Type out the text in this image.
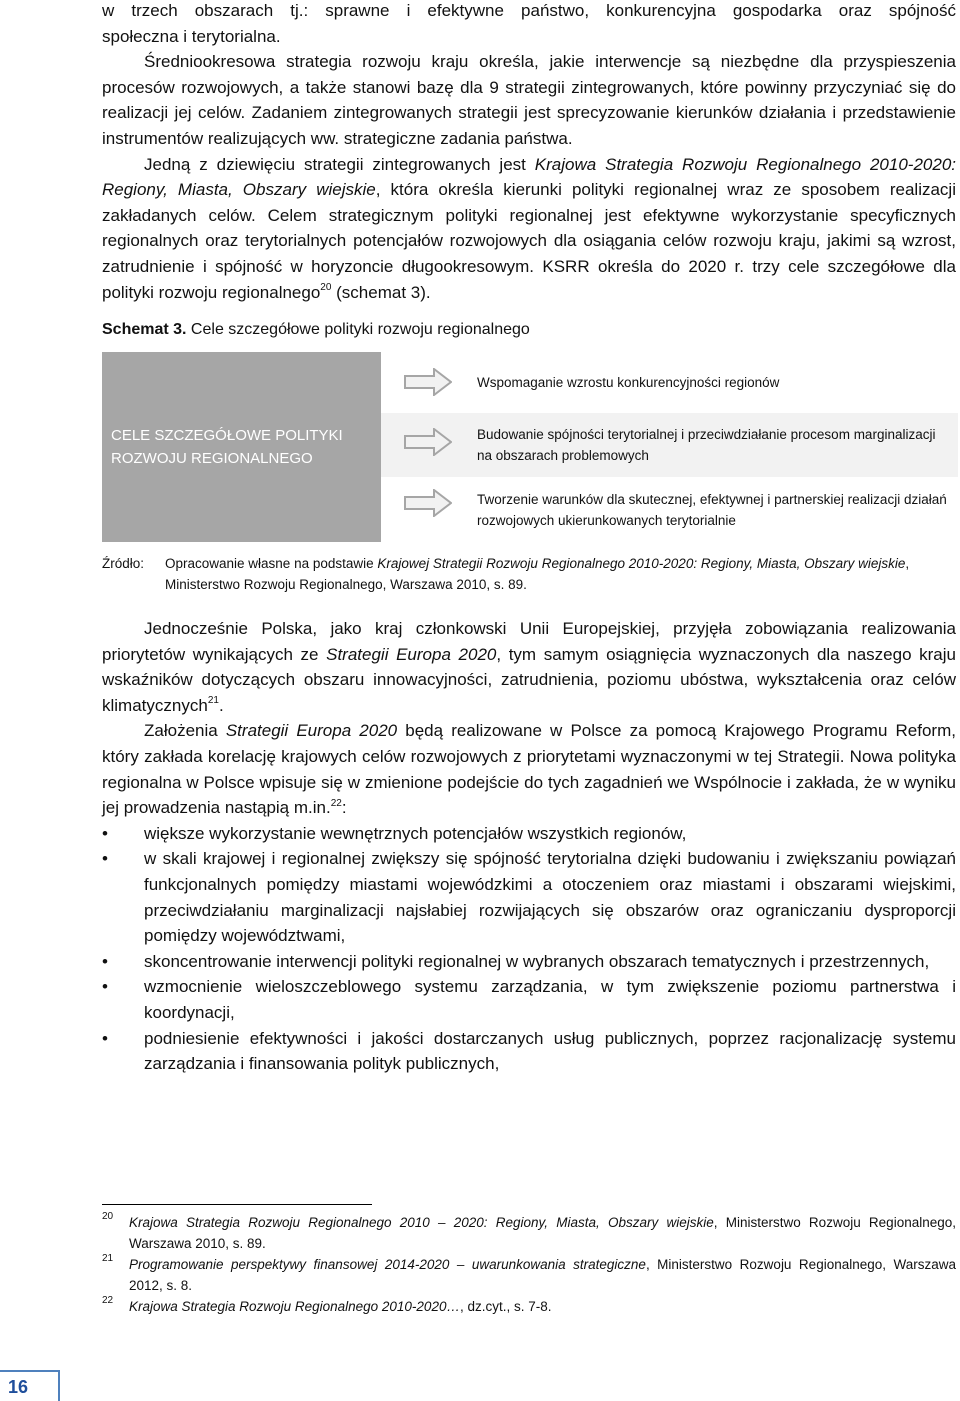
w trzech obszarach tj.: sprawne i efektywne państwo, konkurencyjna gospodarka oraz spójność

społeczna i terytorialna.

Średniookresowa strategia rozwoju kraju określa, jakie interwencje są niezbędne dla przyspieszenia procesów rozwojowych, a także stanowi bazę dla 9 strategii zintegrowanych, które powinny przyczyniać się do realizacji jej celów. Zadaniem zintegrowanych strategii jest sprecyzowanie kierunków działania i przedstawienie instrumentów realizujących ww. strategiczne zadania państwa.

Jedną z dziewięciu strategii zintegrowanych jest Krajowa Strategia Rozwoju Regionalnego 2010-2020: Regiony, Miasta, Obszary wiejskie, która określa kierunki polityki regionalnej wraz ze sposobem realizacji zakładanych celów. Celem strategicznym polityki regionalnej jest efektywne wykorzystanie specyficznych regionalnych oraz terytorialnych potencjałów rozwojowych dla osiągania celów rozwoju kraju, jakimi są wzrost, zatrudnienie i spójność w horyzoncie długookresowym. KSRR określa do 2020 r. trzy cele szczegółowe dla polityki rozwoju regionalnego$^{20}$ (schemat 3).

Schemat 3. Cele szczegółowe polityki rozwoju regionalnego
CELE SZCZEGÓŁOWE POLITYKI ROZWOJU REGIONALNEGO
Wspomaganie wzrostu konkurencyjności regionów
Budowanie spójności terytorialnej i przeciwdziałanie procesom marginalizacji na obszarach problemowych
Tworzenie warunków dla skutecznej, efektywnej i partnerskiej realizacji działań rozwojowych ukierunkowanych terytorialnie
Źródło: Opracowanie własne na podstawie Krajowej Strategii Rozwoju Regionalnego 2010-2020: Regiony, Miasta, Obszary wiejskie, Ministerstwo Rozwoju Regionalnego, Warszawa 2010, s. 89.

Jednocześnie Polska, jako kraj członkowski Unii Europejskiej, przyjęła zobowiązania realizowania priorytetów wynikających ze Strategii Europa 2020, tym samym osiągnięcia wyznaczonych dla naszego kraju wskaźników dotyczących obszaru innowacyjności, zatrudnienia, poziomu ubóstwa, wykształcenia oraz celów klimatycznych$^{21}$.

Założenia Strategii Europa 2020 będą realizowane w Polsce za pomocą Krajowego Programu Reform, który zakłada korelację krajowych celów rozwojowych z priorytetami wyznaczonymi w tej Strategii. Nowa polityka regionalna w Polsce wpisuje się w zmienione podejście do tych zagadnień we Wspólnocie i zakłada, że w wyniku jej prowadzenia nastąpią m.in.$^{22}$:

• większe wykorzystanie wewnętrznych potencjałów wszystkich regionów,
• w skali krajowej i regionalnej zwiększy się spójność terytorialna dzięki budowaniu i zwiększaniu powiązań funkcjonalnych pomiędzy miastami wojewódzkimi a otoczeniem oraz miastami i obszarami wiejskimi, przeciwdziałaniu marginalizacji najsłabiej rozwijających się obszarów oraz ograniczaniu dysproporcji pomiędzy województwami,
• skoncentrowanie interwencji polityki regionalnej w wybranych obszarach tematycznych i przestrzennych,
• wzmocnienie wieloszczeblowego systemu zarządzania, w tym zwiększenie poziomu partnerstwa i koordynacji,
• podniesienie efektywności i jakości dostarczanych usług publicznych, poprzez racjonalizację systemu zarządzania i finansowania polityk publicznych,
20 Krajowa Strategia Rozwoju Regionalnego 2010 – 2020: Regiony, Miasta, Obszary wiejskie, Ministerstwo Rozwoju Regionalnego, Warszawa 2010, s. 89.
21 Programowanie perspektywy finansowej 2014-2020 – uwarunkowania strategiczne, Ministerstwo Rozwoju Regionalnego, Warszawa 2012, s. 8.
22 Krajowa Strategia Rozwoju Regionalnego 2010-2020…, dz.cyt., s. 7-8.
16
